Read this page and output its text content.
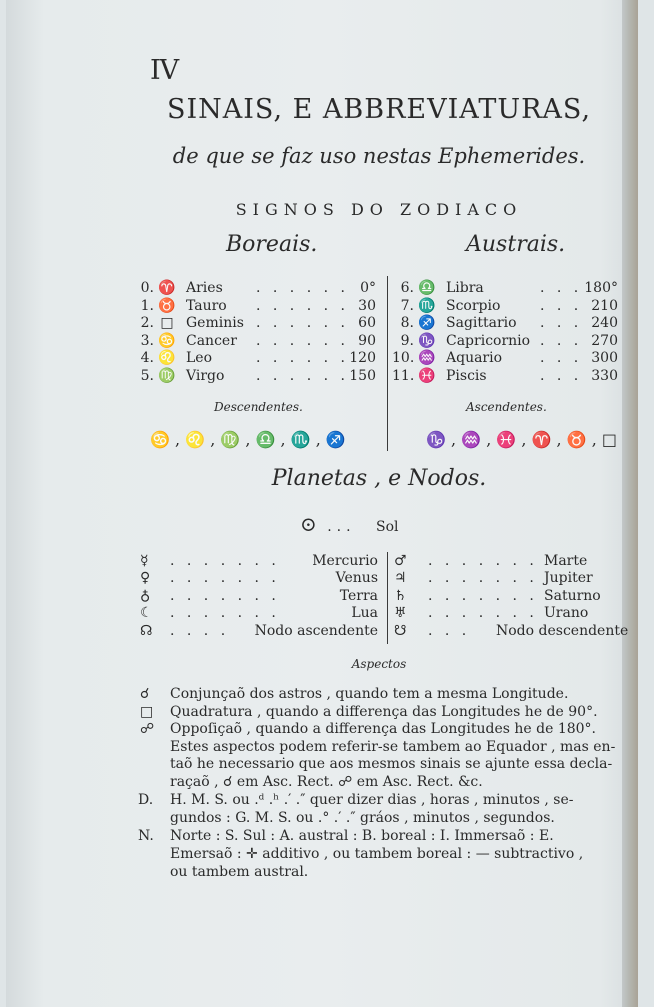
IV
SINAIS, E ABBREVIATURAS,
de que se faz uso nestas Ephemerides.
SIGNOS DO ZODIACO
Boreais.	Austrais.
0. ♈ Aries . . . . . . 0°
1. ♉ Tauro . . . . . . 30
2. □ Geminis . . . . . . 60
3. ♋ Cancer . . . . . . 90
4. ♌ Leo	. . . . . . 120
5. ♍ Virgo . . . . . . 150
6. ♎ Libra	. . . 180°
7. ♏ Scorpio	. . . 210
8. ♐ Sagittario . . . 240
9. ♑ Capricornio . . . 270
10. ♒ Aquario	. . . 300
11. ♓ Piscis	. . . 330
Descendentes.	Ascendentes.
♋ , ♌ , ♍ , ♎ , ♏ , ♐	♑ , ♒ , ♓ , ♈ , ♉ , □
Planetas , e Nodos.
⊙ ... Sol
☿ . . . . . . . Mercurio
♀ . . . . . . .	Venus
♁ . . . . . . .	Terra
☾ . . . . . . .	Lua
☊ . . . . Nodo ascendente
♂ . . . . . . . Marte
♃ . . . . . . . Jupiter
♄ . . . . . . . Saturno
♅ . . . . . . . Urano
☋ . . . Nodo descendente
Aspectos
☌ Conjunçaõ dos astros , quando tem a mesma Longitude.
□ Quadratura , quando a differença das Longitudes he de 90°.
☍ Oppoſiçaõ , quando a differença das Longitudes he de 180°.
Estes aspectos podem referir-se tambem ao Equador , mas en-
taõ he necessario que aos mesmos sinais se ajunte essa decla-
raçaõ , ☌ em Asc. Rect. ☍ em Asc. Rect. &c.
D. H. M. S. ou .ᵈ .ʰ .′ .″ quer dizer dias , horas , minutos , se-
gundos : G. M. S. ou .° .′ .″ gráos , minutos , segundos.
N. Norte : S. Sul : A. austral : B. boreal : I. Immersaõ : E.
Emersaõ : ✛ additivo , ou tambem boreal : — subtractivo ,
ou tambem austral.
